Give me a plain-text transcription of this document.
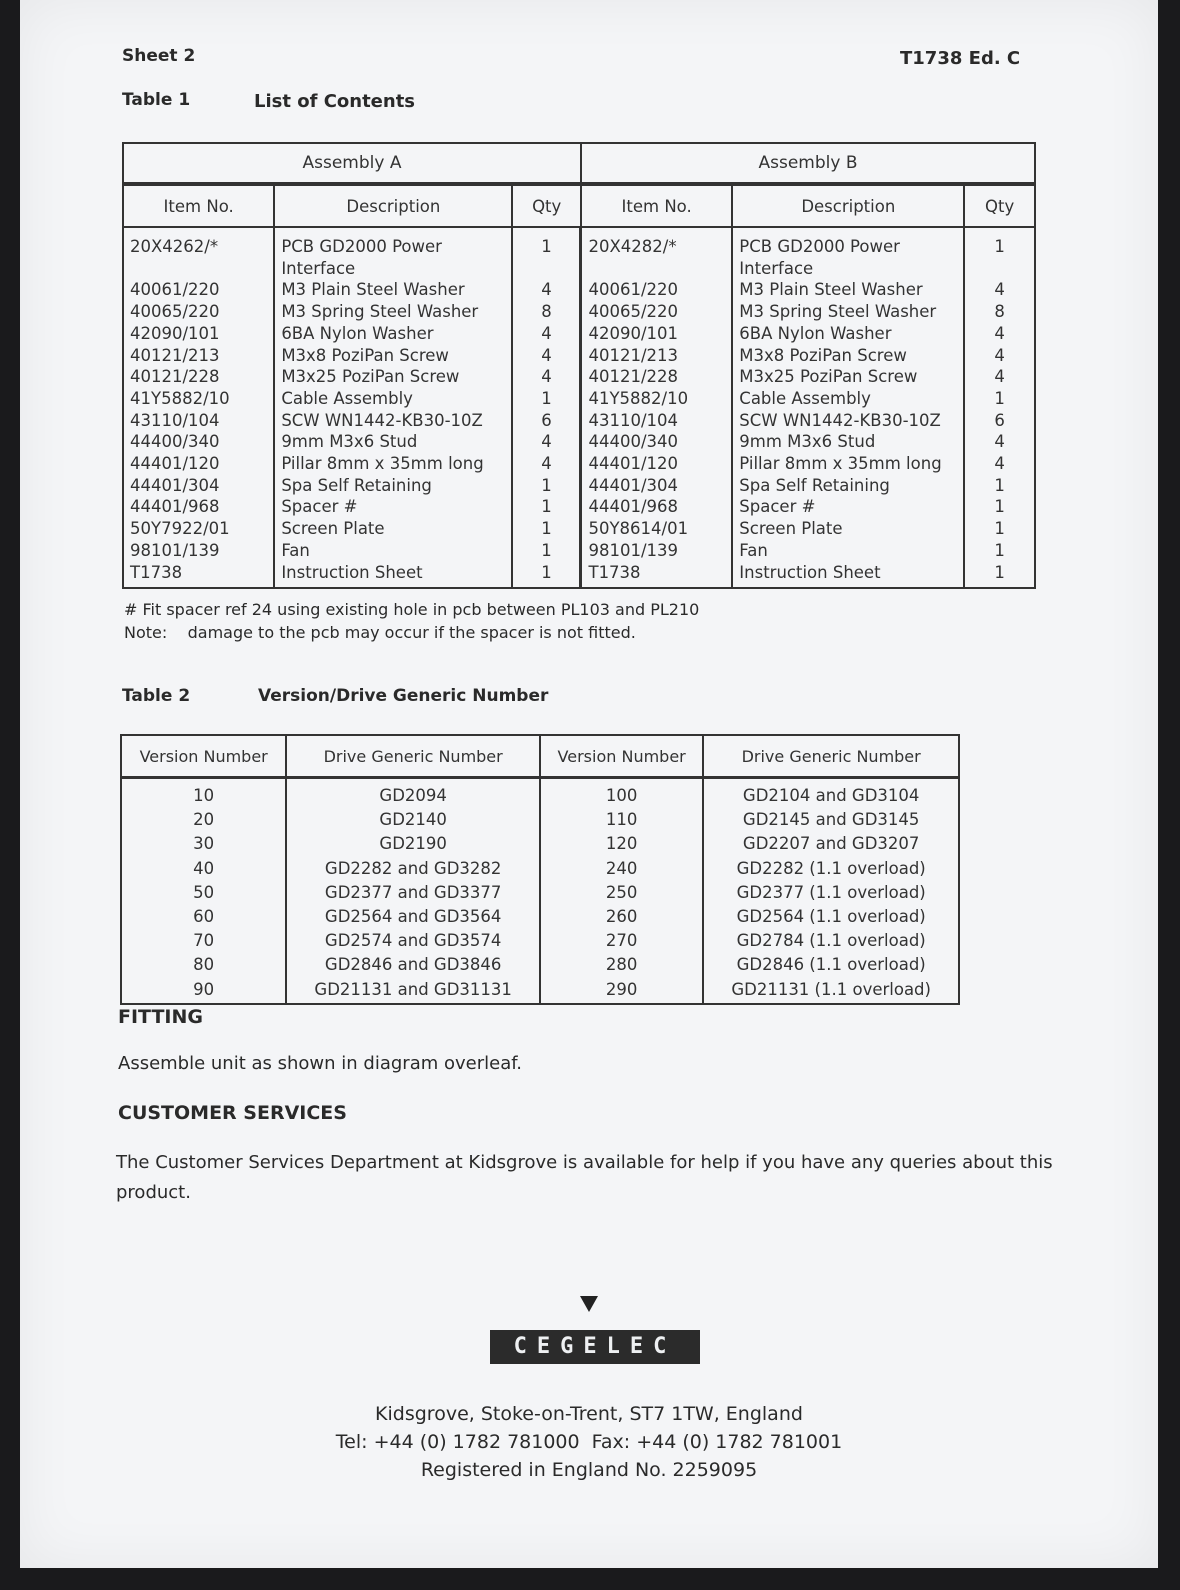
Sheet 2	T1738 Ed. C
Table 1	List of Contents
Assembly A			Assembly B		
Item No.	Description	Qty	Item No.	Description	Qty
20X4262/*	PCB GD2000 Power	1	20X4282/*	PCB GD2000 Power	1
	Interface			Interface	
40061/220	M3 Plain Steel Washer	4	40061/220	M3 Plain Steel Washer	4
40065/220	M3 Spring Steel Washer	8	40065/220	M3 Spring Steel Washer	8
42090/101	6BA Nylon Washer	4	42090/101	6BA Nylon Washer	4
40121/213	M3x8 PoziPan Screw	4	40121/213	M3x8 PoziPan Screw	4
40121/228	M3x25 PoziPan Screw	4	40121/228	M3x25 PoziPan Screw	4
41Y5882/10	Cable Assembly	1	41Y5882/10	Cable Assembly	1
43110/104	SCW WN1442-KB30-10Z	6	43110/104	SCW WN1442-KB30-10Z	6
44400/340	9mm M3x6 Stud	4	44400/340	9mm M3x6 Stud	4
44401/120	Pillar 8mm x 35mm long	4	44401/120	Pillar 8mm x 35mm long	4
44401/304	Spa Self Retaining	1	44401/304	Spa Self Retaining	1
44401/968	Spacer #	1	44401/968	Spacer #	1
50Y7922/01	Screen Plate	1	50Y8614/01	Screen Plate	1
98101/139	Fan	1	98101/139	Fan	1
T1738	Instruction Sheet	1	T1738	Instruction Sheet	1
# Fit spacer ref 24 using existing hole in pcb between PL103 and PL210
Note:    damage to the pcb may occur if the spacer is not fitted.
Table 2	Version/Drive Generic Number
Version Number	Drive Generic Number	Version Number	Drive Generic Number
10	GD2094	100	GD2104 and GD3104
20	GD2140	110	GD2145 and GD3145
30	GD2190	120	GD2207 and GD3207
40	GD2282 and GD3282	240	GD2282 (1.1 overload)
50	GD2377 and GD3377	250	GD2377 (1.1 overload)
60	GD2564 and GD3564	260	GD2564 (1.1 overload)
70	GD2574 and GD3574	270	GD2784 (1.1 overload)
80	GD2846 and GD3846	280	GD2846 (1.1 overload)
90	GD21131 and GD31131	290	GD21131 (1.1 overload)
FITTING
Assemble unit as shown in diagram overleaf.
CUSTOMER SERVICES
The Customer Services Department at Kidsgrove is available for help if you have any queries about this product.
CEGELEC
Kidsgrove, Stoke-on-Trent, ST7 1TW, England
Tel: +44 (0) 1782 781000  Fax: +44 (0) 1782 781001
Registered in England No. 2259095
